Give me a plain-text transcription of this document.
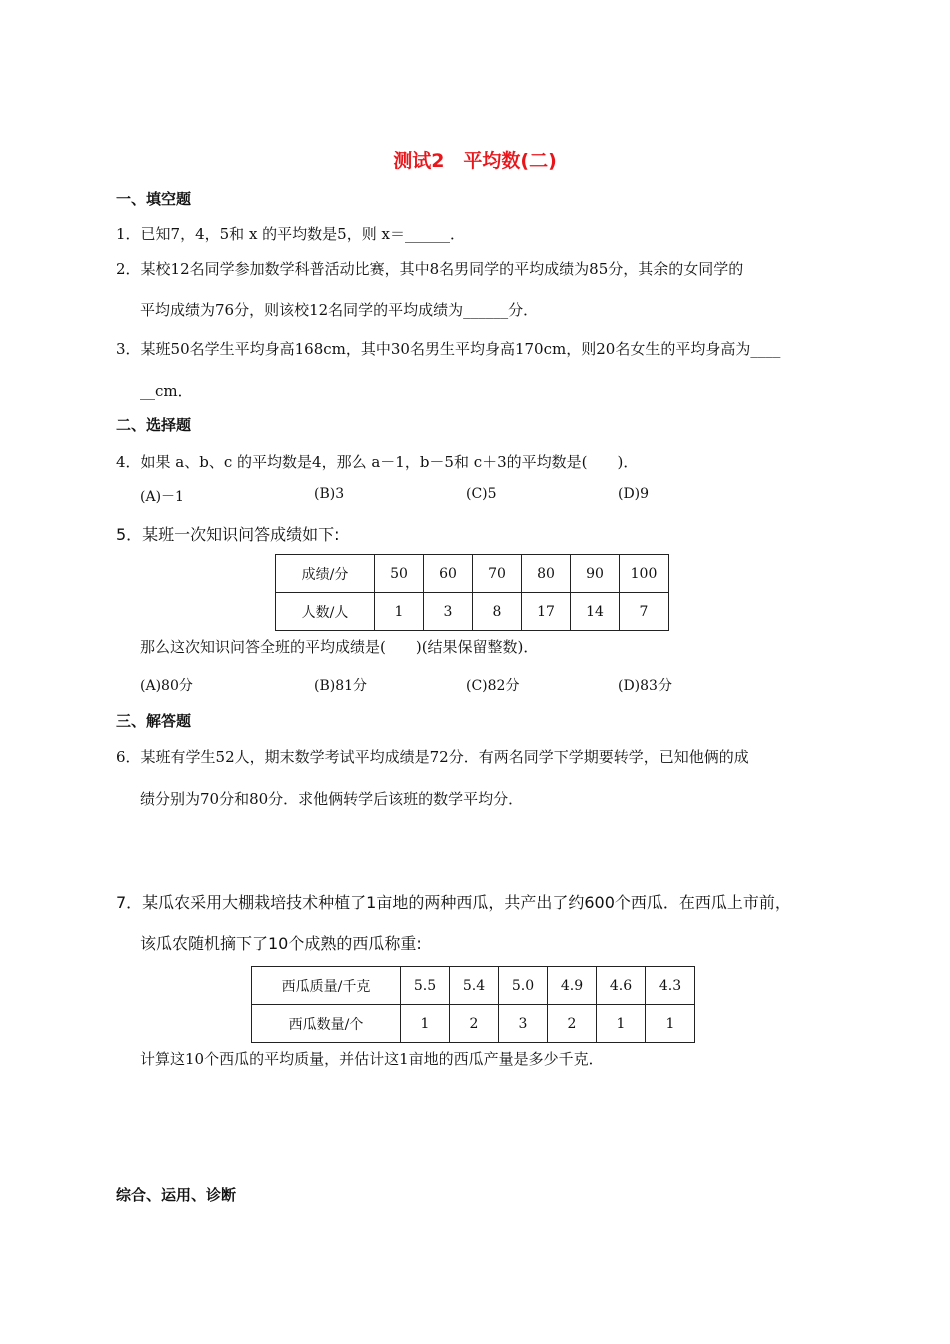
测试2　平均数(二)
一、填空题
1．已知7，4，5和 x 的平均数是5，则 x＝______．
2．某校12名同学参加数学科普活动比赛，其中8名男同学的平均成绩为85分，其余的女同学的
平均成绩为76分，则该校12名同学的平均成绩为______分．
3．某班50名学生平均身高168cm，其中30名男生平均身高170cm，则20名女生的平均身高为____
__cm．
二、选择题
4．如果 a、b、c 的平均数是4，那么 a－1，b－5和 c＋3的平均数是(　　)．
(A)－1	(B)3	(C)5	(D)9
5．某班一次知识问答成绩如下:
成绩/分	50	60	70	80	90	100
人数/人	1	3	8	17	14	7
那么这次知识问答全班的平均成绩是(　　)(结果保留整数)．
(A)80分	(B)81分	(C)82分	(D)83分
三、解答题
6．某班有学生52人，期末数学考试平均成绩是72分．有两名同学下学期要转学，已知他俩的成
绩分别为70分和80分．求他俩转学后该班的数学平均分．
7．某瓜农采用大棚栽培技术种植了1亩地的两种西瓜，共产出了约600个西瓜．在西瓜上市前，
该瓜农随机摘下了10个成熟的西瓜称重:
西瓜质量/千克	5.5	5.4	5.0	4.9	4.6	4.3
西瓜数量/个	1	2	3	2	1	1
计算这10个西瓜的平均质量，并估计这1亩地的西瓜产量是多少千克．
综合、运用、诊断
